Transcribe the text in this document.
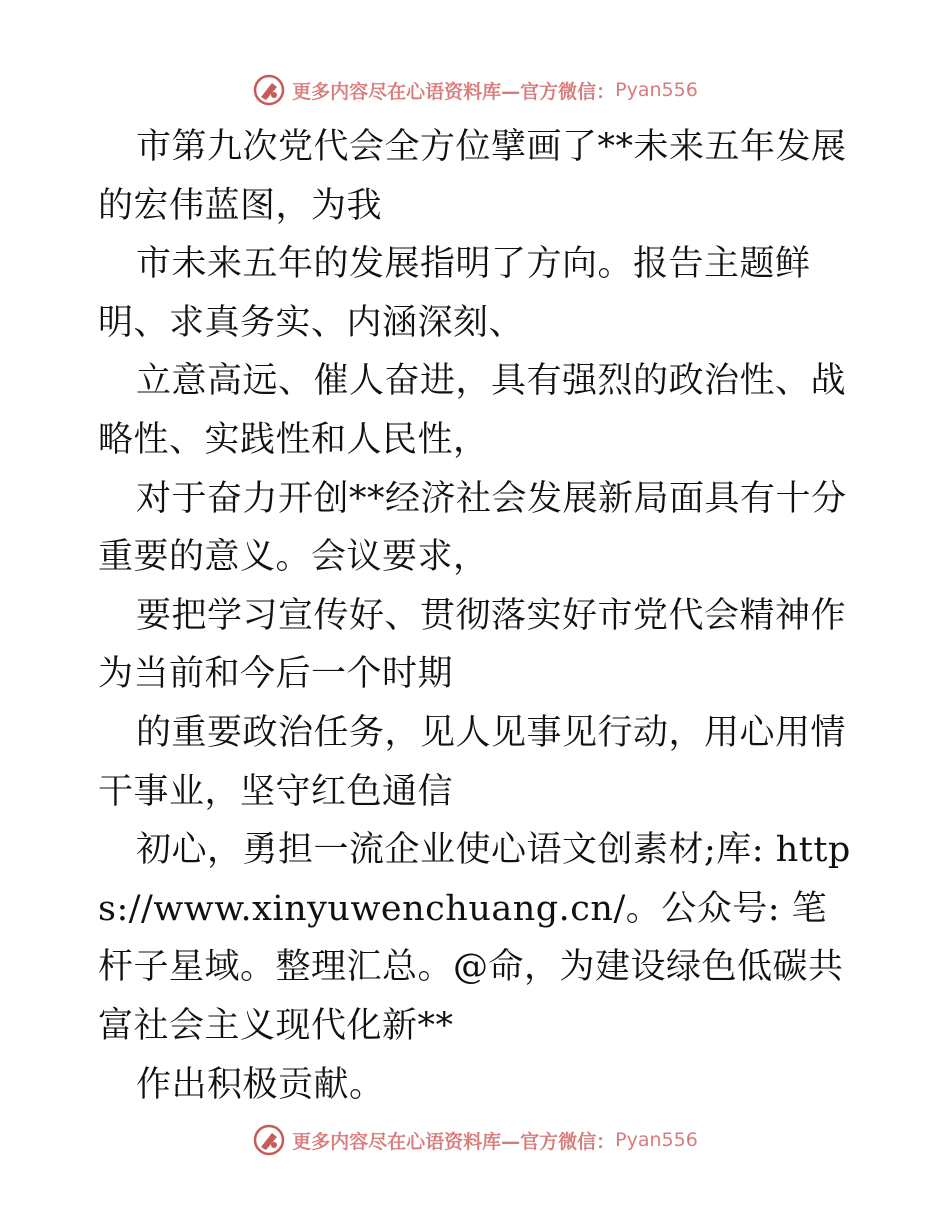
更多内容尽在心语资料库—官方微信： Pyan556

市第九次党代会全方位擘画了**未来五年发展的宏伟蓝图，为我

市未来五年的发展指明了方向。报告主题鲜明、求真务实、内涵深刻、

立意高远、催人奋进，具有强烈的政治性、战略性、实践性和人民性，

对于奋力开创**经济社会发展新局面具有十分重要的意义。会议要求，

要把学习宣传好、贯彻落实好市党代会精神作为当前和今后一个时期

的重要政治任务，见人见事见行动，用心用情干事业，坚守红色通信

初心，勇担一流企业使心语文创素材;库: https://www.xinyuwenchuang.cn/。公众号: 笔杆子星域。整理汇总。@命，为建设绿色低碳共富社会主义现代化新**

作出积极贡献。

更多内容尽在心语资料库—官方微信： Pyan556
